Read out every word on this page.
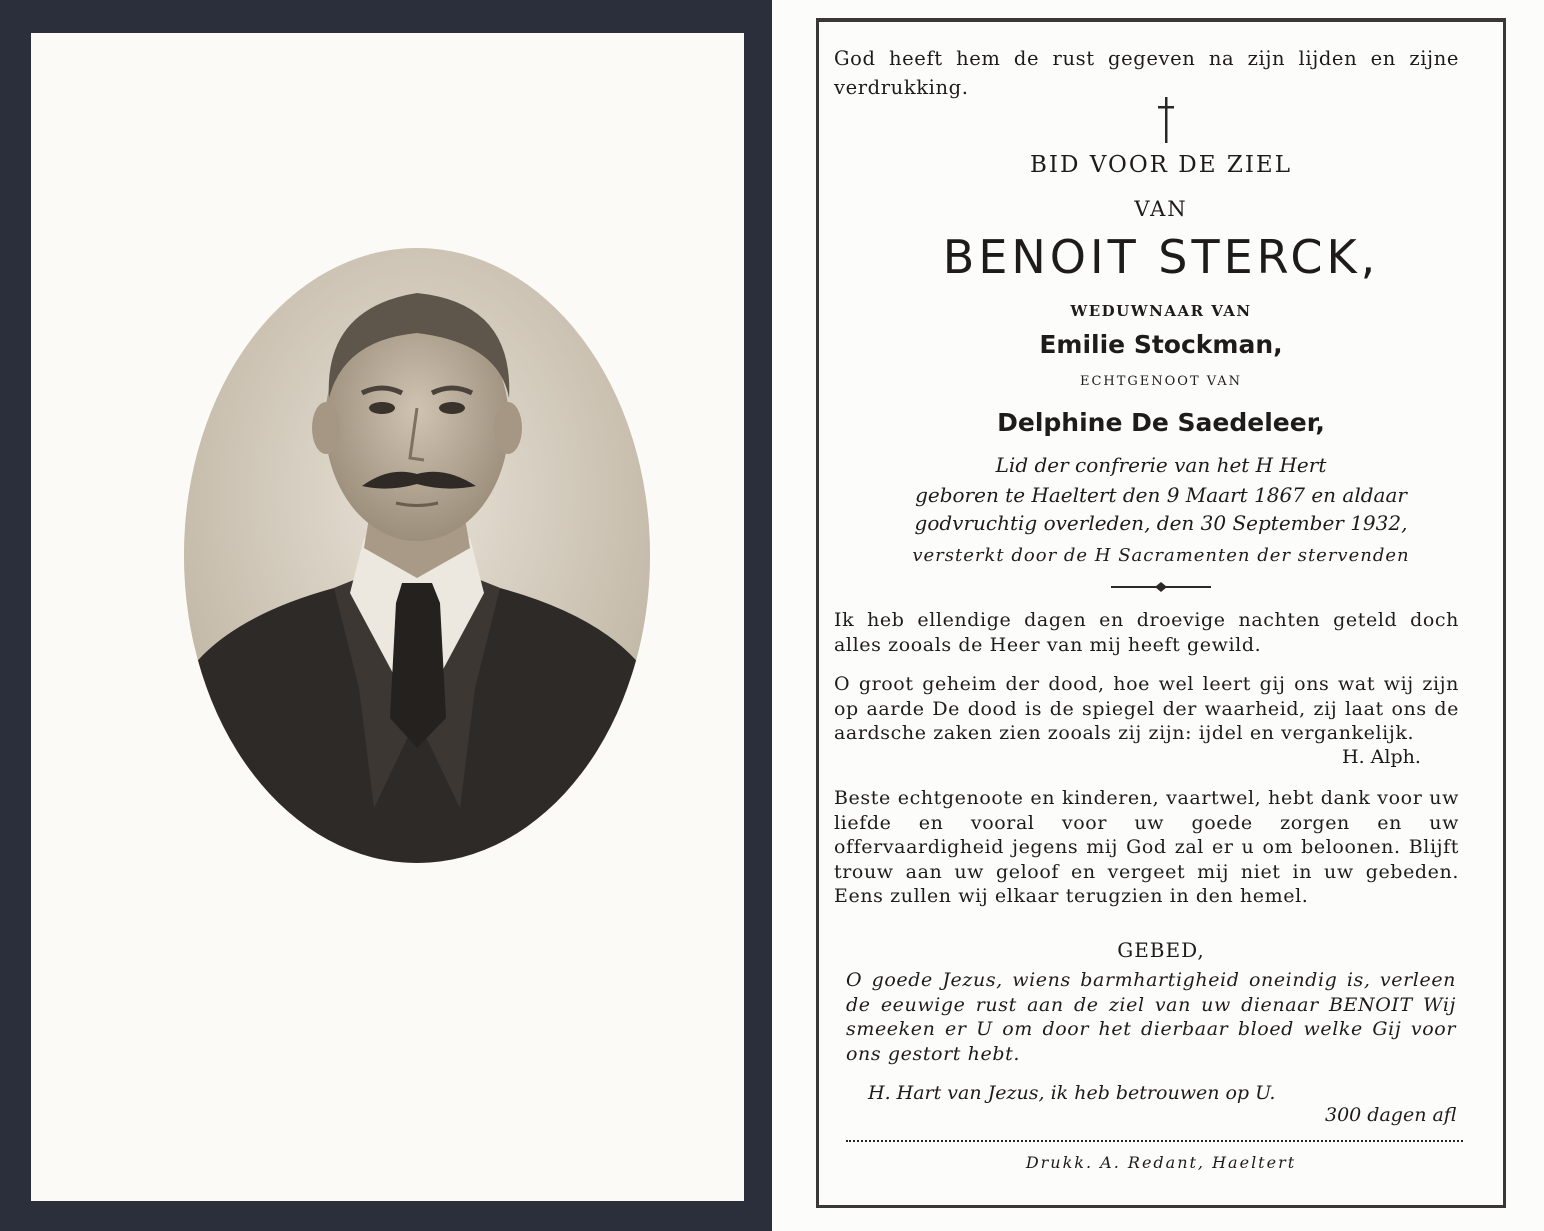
God heeft hem de rust gegeven na zijn lijden en zijne verdrukking.
BID VOOR DE ZIEL
VAN
BENOIT STERCK,
WEDUWNAAR VAN
Emilie Stockman,
ECHTGENOOT VAN
Delphine De Saedeleer,
Lid der confrerie van het H Hert
geboren te Haeltert den 9 Maart 1867 en aldaar
godvruchtig overleden, den 30 September 1932,
versterkt door de H Sacramenten der stervenden
Ik heb ellendige dagen en droevige nachten geteld doch alles zooals de Heer van mij heeft gewild.
O groot geheim der dood, hoe wel leert gij ons wat wij zijn op aarde De dood is de spiegel der waarheid, zij laat ons de aardsche zaken zien zooals zij zijn: ijdel en vergankelijk.
H. Alph.
Beste echtgenoote en kinderen, vaartwel, hebt dank voor uw liefde en vooral voor uw goede zorgen en uw offervaardigheid jegens mij God zal er u om beloonen. Blijft trouw aan uw geloof en vergeet mij niet in uw gebeden. Eens zullen wij elkaar terugzien in den hemel.
GEBED,
O goede Jezus, wiens barmhartigheid oneindig is, verleen de eeuwige rust aan de ziel van uw dienaar BENOIT Wij smeeken er U om door het dierbaar bloed welke Gij voor ons gestort hebt.
H. Hart van Jezus, ik heb betrouwen op U.
300 dagen afl
Drukk. A. Redant, Haeltert
